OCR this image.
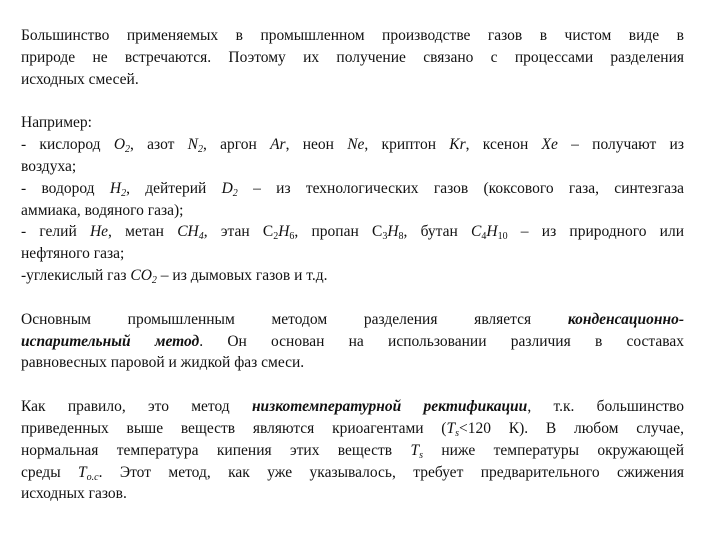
Большинство применяемых в промышленном производстве газов в чистом виде в
природе не встречаются. Поэтому их получение связано с процессами разделения
исходных смесей.

Например:
- кислород $O_2$, азот $N_2$, аргон Ar, неон Ne, криптон Kr, ксенон Xe – получают из
воздуха;
- водород $H_2$, дейтерий $D_2$ – из технологических газов (коксового газа, синтезгаза
аммиака, водяного газа);
- гелий He, метан $CH_4$, этан $C_2H_6$, пропан $C_3H_8$, бутан $C_4H_{10}$ – из природного или
нефтяного газа;
-углекислый газ $CO_2$ – из дымовых газов и т.д.

Основным промышленным методом разделения является конденсационно-
испарительный метод. Он основан на использовании различия в составах
равновесных паровой и жидкой фаз смеси.

Как правило, это метод низкотемпературной ректификации, т.к. большинство
приведенных выше веществ являются криоагентами ($T_s<120$ К). В любом случае,
нормальная температура кипения этих веществ $T_s$ ниже температуры окружающей
среды $T_{о.с}$. Этот метод, как уже указывалось, требует предварительного сжижения
исходных газов.
